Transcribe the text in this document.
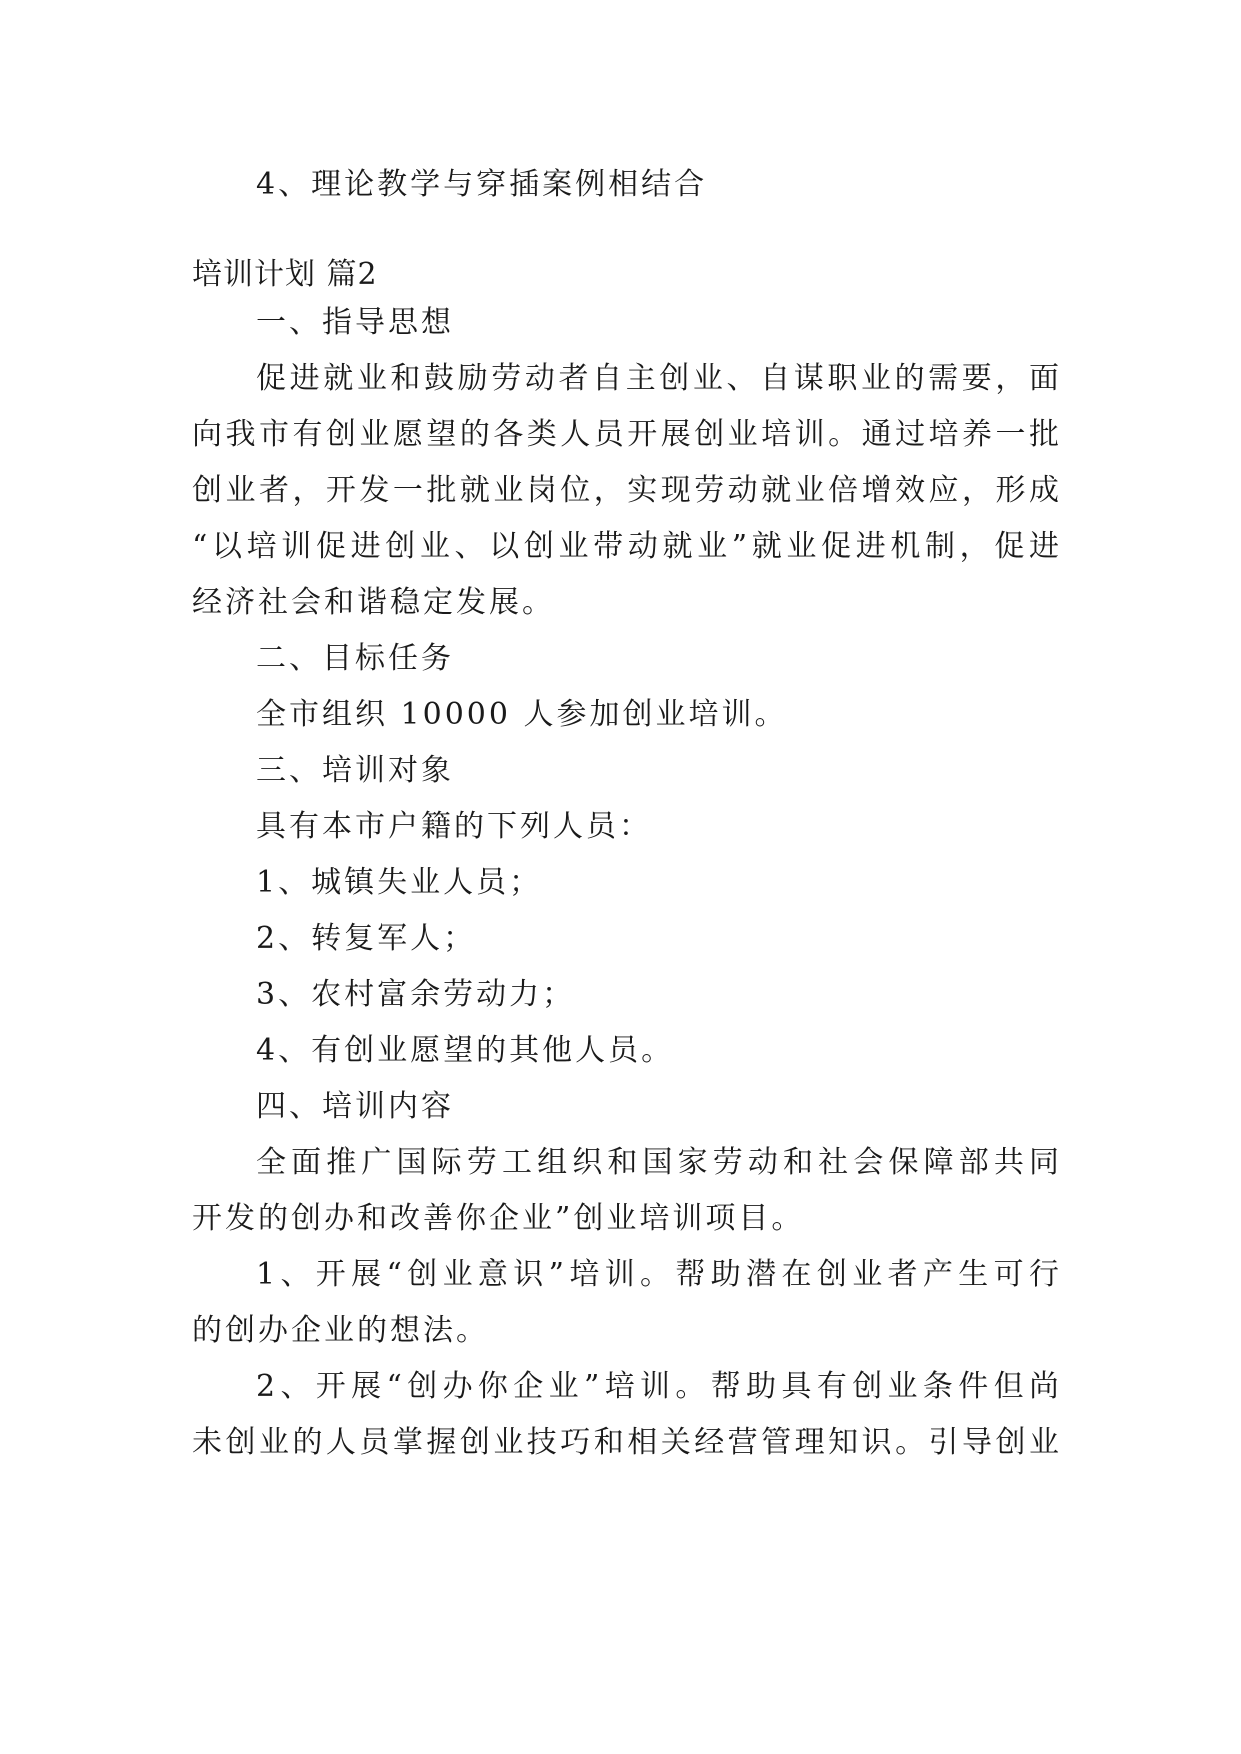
4、理论教学与穿插案例相结合
培训计划 篇2
一、指导思想
促进就业和鼓励劳动者自主创业、自谋职业的需要，面
向我市有创业愿望的各类人员开展创业培训。通过培养一批
创业者，开发一批就业岗位，实现劳动就业倍增效应，形成
“以培训促进创业、以创业带动就业”就业促进机制，促进
经济社会和谐稳定发展。
二、目标任务
全市组织 10000 人参加创业培训。
三、培训对象
具有本市户籍的下列人员：
1、城镇失业人员；
2、转复军人；
3、农村富余劳动力；
4、有创业愿望的其他人员。
四、培训内容
全面推广国际劳工组织和国家劳动和社会保障部共同
开发的创办和改善你企业”创业培训项目。
1、开展“创业意识”培训。帮助潜在创业者产生可行
的创办企业的想法。
2、开展“创办你企业”培训。帮助具有创业条件但尚
未创业的人员掌握创业技巧和相关经营管理知识。引导创业
